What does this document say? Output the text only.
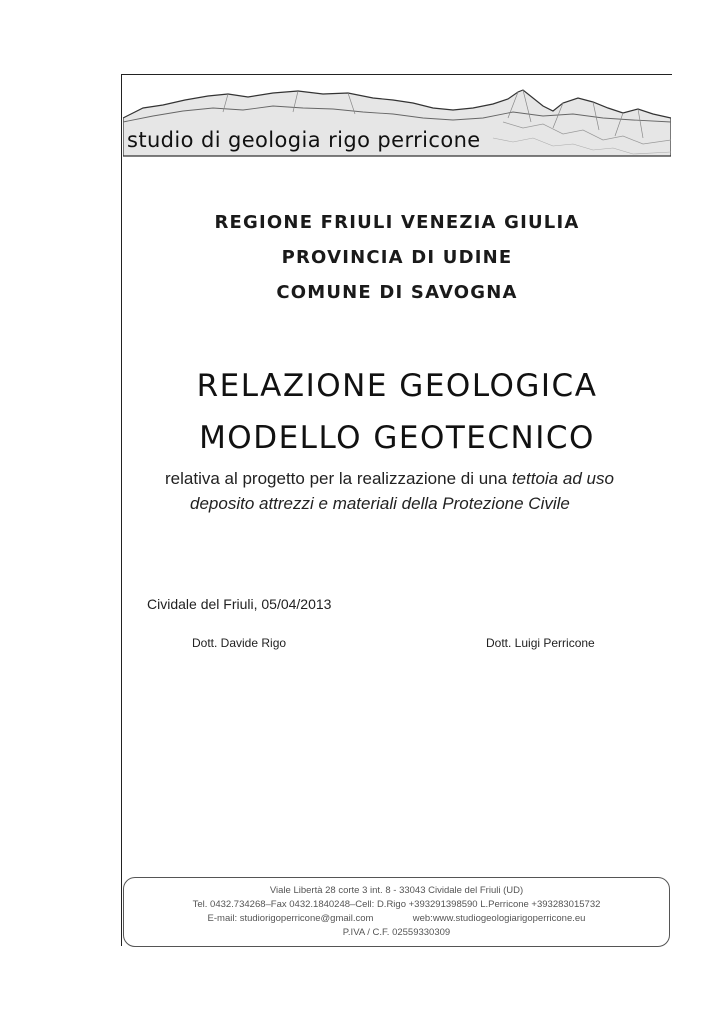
studio di geologia rigo perricone
REGIONE FRIULI VENEZIA GIULIA
PROVINCIA DI UDINE
COMUNE DI SAVOGNA
RELAZIONE GEOLOGICA
MODELLO GEOTECNICO
relativa al progetto per la realizzazione di una tettoia ad uso
deposito attrezzi e materiali della Protezione Civile
Cividale del Friuli, 05/04/2013
Dott. Davide Rigo	Dott. Luigi Perricone
Viale Libertà 28 corte 3 int. 8 - 33043 Cividale del Friuli (UD)
Tel. 0432.734268–Fax 0432.1840248–Cell: D.Rigo +393291398590 L.Perricone +393283015732
E-mail: studiorigoperricone@gmail.com	web:www.studiogeologiarigoperricone.eu
P.IVA / C.F. 02559330309
